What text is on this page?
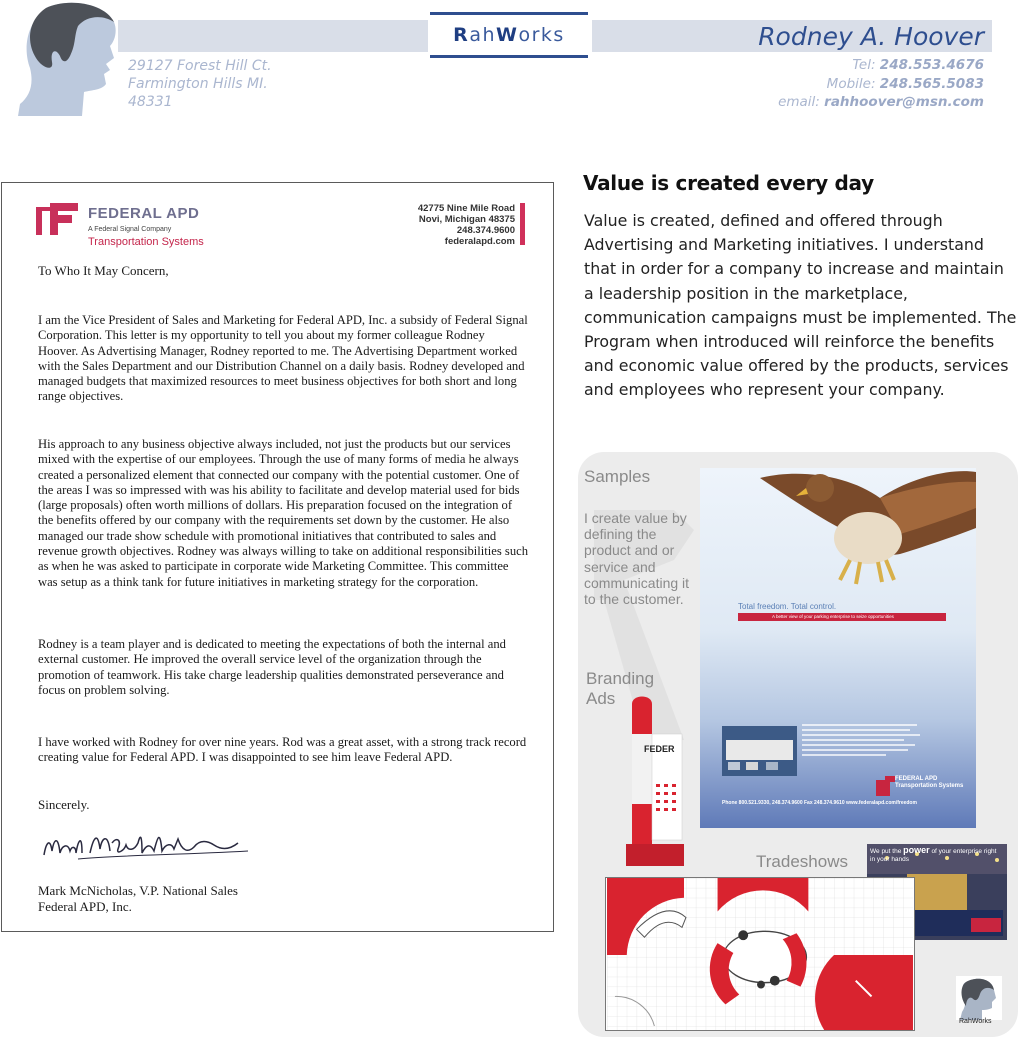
RahWorks	Rodney A. Hoover
29127 Forest Hill Ct.
Farmington Hills MI.
48331
Tel: 248.553.4676
Mobile: 248.565.5083
email: rahhoover@msn.com
FEDERAL APD
A Federal Signal Company
Transportation Systems
42775 Nine Mile Road
Novi, Michigan 48375
248.374.9600
federalapd.com
To Who It May Concern,
I am the Vice President of Sales and Marketing for Federal APD, Inc. a subsidy of Federal Signal Corporation. This letter is my opportunity to tell you about my former colleague Rodney Hoover. As Advertising Manager, Rodney reported to me. The Advertising Department worked with the Sales Department and our Distribution Channel on a daily basis. Rodney developed and managed budgets that maximized resources to meet business objectives for both short and long range objectives.
His approach to any business objective always included, not just the products but our services mixed with the expertise of our employees. Through the use of many forms of media he always created a personalized element that connected our company with the potential customer. One of the areas I was so impressed with was his ability to facilitate and develop material used for bids (large proposals) often worth millions of dollars. His preparation focused on the integration of the benefits offered by our company with the requirements set down by the customer. He also managed our trade show schedule with promotional initiatives that contributed to sales and revenue growth objectives. Rodney was always willing to take on additional responsibilities such as when he was asked to participate in corporate wide Marketing Committee. This committee was setup as a think tank for future initiatives in marketing strategy for the corporation.
Rodney is a team player and is dedicated to meeting the expectations of both the internal and external customer. He improved the overall service level of the organization through the promotion of teamwork. His take charge leadership qualities demonstrated perseverance and focus on problem solving.
I have worked with Rodney for over nine years. Rod was a great asset, with a strong track record creating value for Federal APD. I was disappointed to see him leave Federal APD.
Sincerely.
Mark McNicholas, V.P. National Sales
Federal APD, Inc.
Value is created every day
Value is created, defined and offered through Advertising and Marketing initiatives. I understand that in order for a company to increase and maintain a leadership position in the marketplace, communication campaigns must be implemented. The Program when introduced will reinforce the benefits and economic value offered by the products, services and employees who represent your company.
Samples
I create value by defining the product and or service and communicating it to the customer.
Branding
Ads
Total freedom. Total control.
A better view of your parking enterprise to seize opportunities
FEDERAL APD
Transportation Systems
Phone 800.521.9330, 248.374.9600 Fax 248.374.9610 www.federalapd.com/freedom
FEDER
Tradeshows
We put the power of your enterprise right in your hands
RahWorks
